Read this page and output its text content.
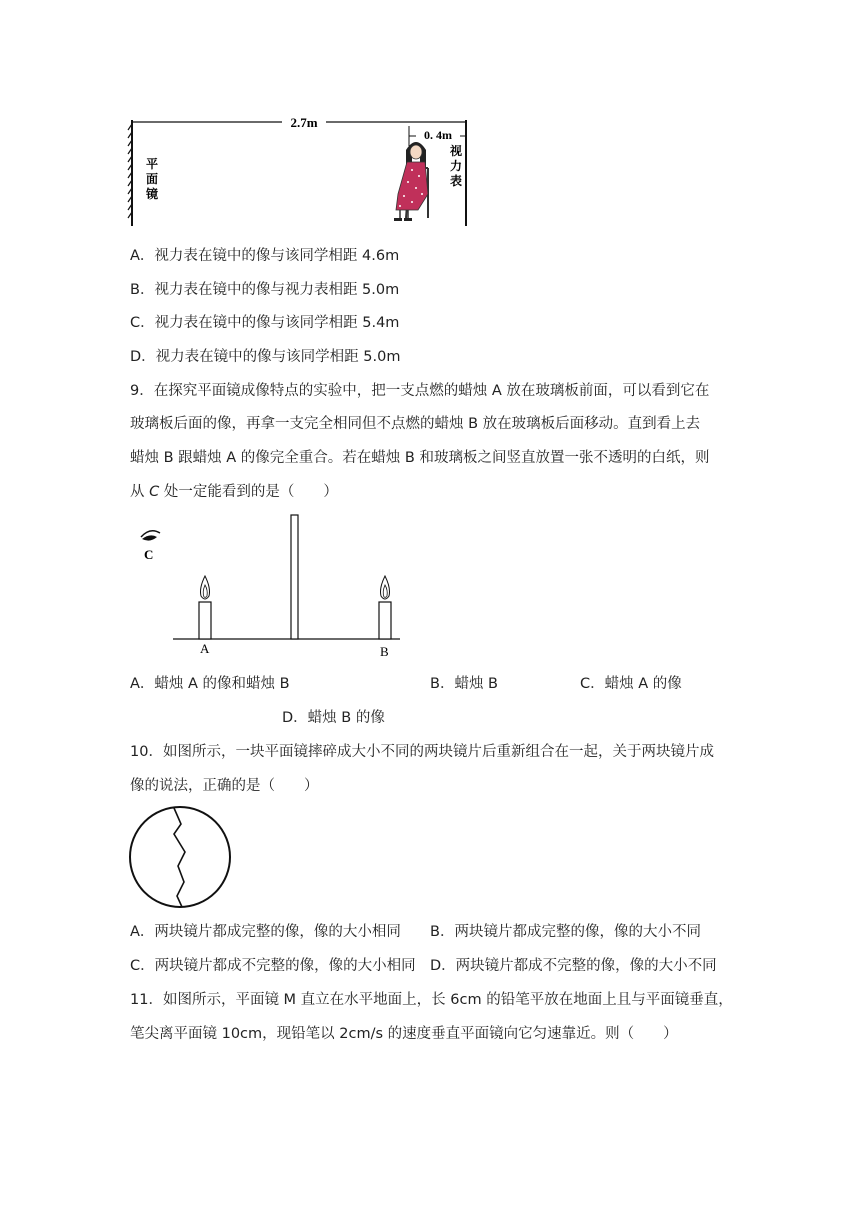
2.7m
0. 4m
平
面
镜
视
力
表
A．视力表在镜中的像与该同学相距 4.6m
B．视力表在镜中的像与视力表相距 5.0m
C．视力表在镜中的像与该同学相距 5.4m
D．视力表在镜中的像与该同学相距 5.0m
9．在探究平面镜成像特点的实验中，把一支点燃的蜡烛 A 放在玻璃板前面，可以看到它在
玻璃板后面的像，再拿一支完全相同但不点燃的蜡烛 B 放在玻璃板后面移动。直到看上去
蜡烛 B 跟蜡烛 A 的像完全重合。若在蜡烛 B 和玻璃板之间竖直放置一张不透明的白纸，则
从 C 处一定能看到的是（　　）
C
A	B
A．蜡烛 A 的像和蜡烛 B	B．蜡烛 B	C．蜡烛 A 的像
D．蜡烛 B 的像
10．如图所示，一块平面镜摔碎成大小不同的两块镜片后重新组合在一起，关于两块镜片成
像的说法，正确的是（　　）
A．两块镜片都成完整的像，像的大小相同 B．两块镜片都成完整的像，像的大小不同
C．两块镜片都成不完整的像，像的大小相同 D．两块镜片都成不完整的像，像的大小不同
11．如图所示，平面镜 M 直立在水平地面上，长 6cm 的铅笔平放在地面上且与平面镜垂直，
笔尖离平面镜 10cm，现铅笔以 2cm/s 的速度垂直平面镜向它匀速靠近。则（　　）
